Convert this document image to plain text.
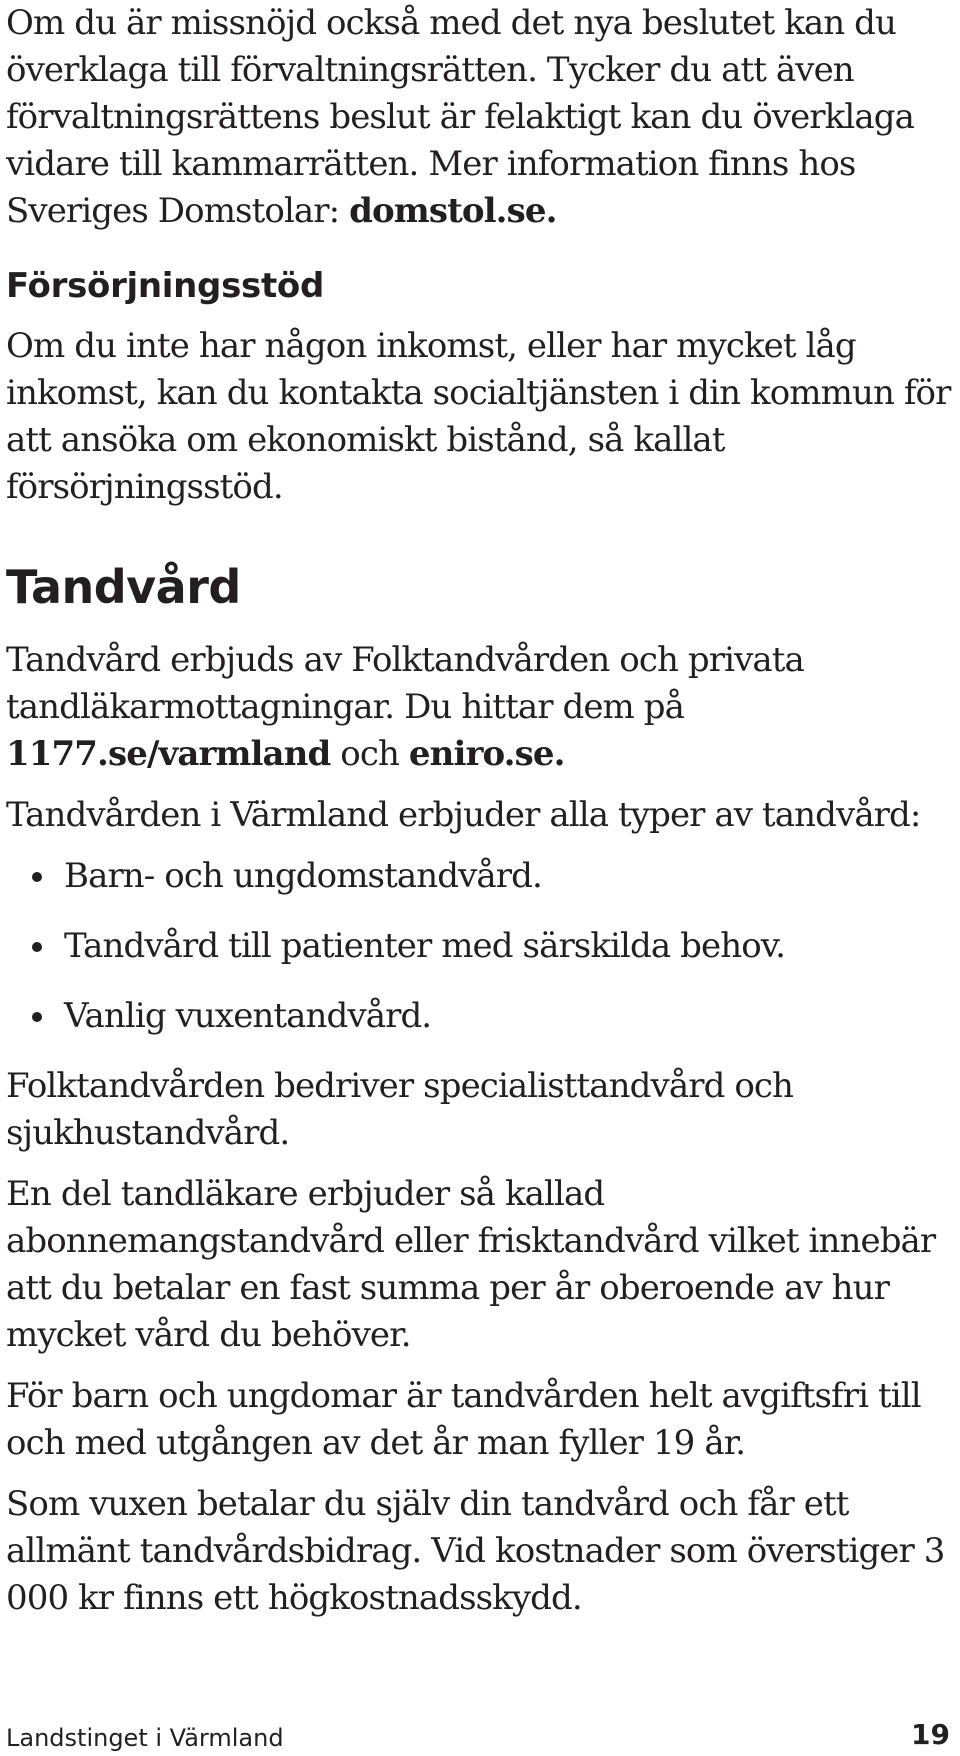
Om du är missnöjd också med det nya beslutet kan du överklaga till förvaltningsrätten. Tycker du att även förvaltningsrättens beslut är felaktigt kan du överklaga vidare till kammarrätten. Mer information finns hos Sveriges Domstolar: domstol.se.

Försörjningsstöd

Om du inte har någon inkomst, eller har mycket låg inkomst, kan du kontakta socialtjänsten i din kommun för att ansöka om ekonomiskt bistånd, så kallat försörjningsstöd.

Tandvård

Tandvård erbjuds av Folktandvården och privata tandläkarmottagningar. Du hittar dem på 1177.se/varmland och eniro.se.

Tandvården i Värmland erbjuder alla typer av tandvård:

Barn- och ungdomstandvård.
Tandvård till patienter med särskilda behov.
Vanlig vuxentandvård.

Folktandvården bedriver specialisttandvård och sjukhustandvård.

En del tandläkare erbjuder så kallad abonnemangstandvård eller frisktandvård vilket innebär att du betalar en fast summa per år oberoende av hur mycket vård du behöver.

För barn och ungdomar är tandvården helt avgiftsfri till och med utgången av det år man fyller 19 år.

Som vuxen betalar du själv din tandvård och får ett allmänt tandvårdsbidrag. Vid kostnader som överstiger 3 000 kr finns ett högkostnadsskydd.

Landstinget i Värmland	19
